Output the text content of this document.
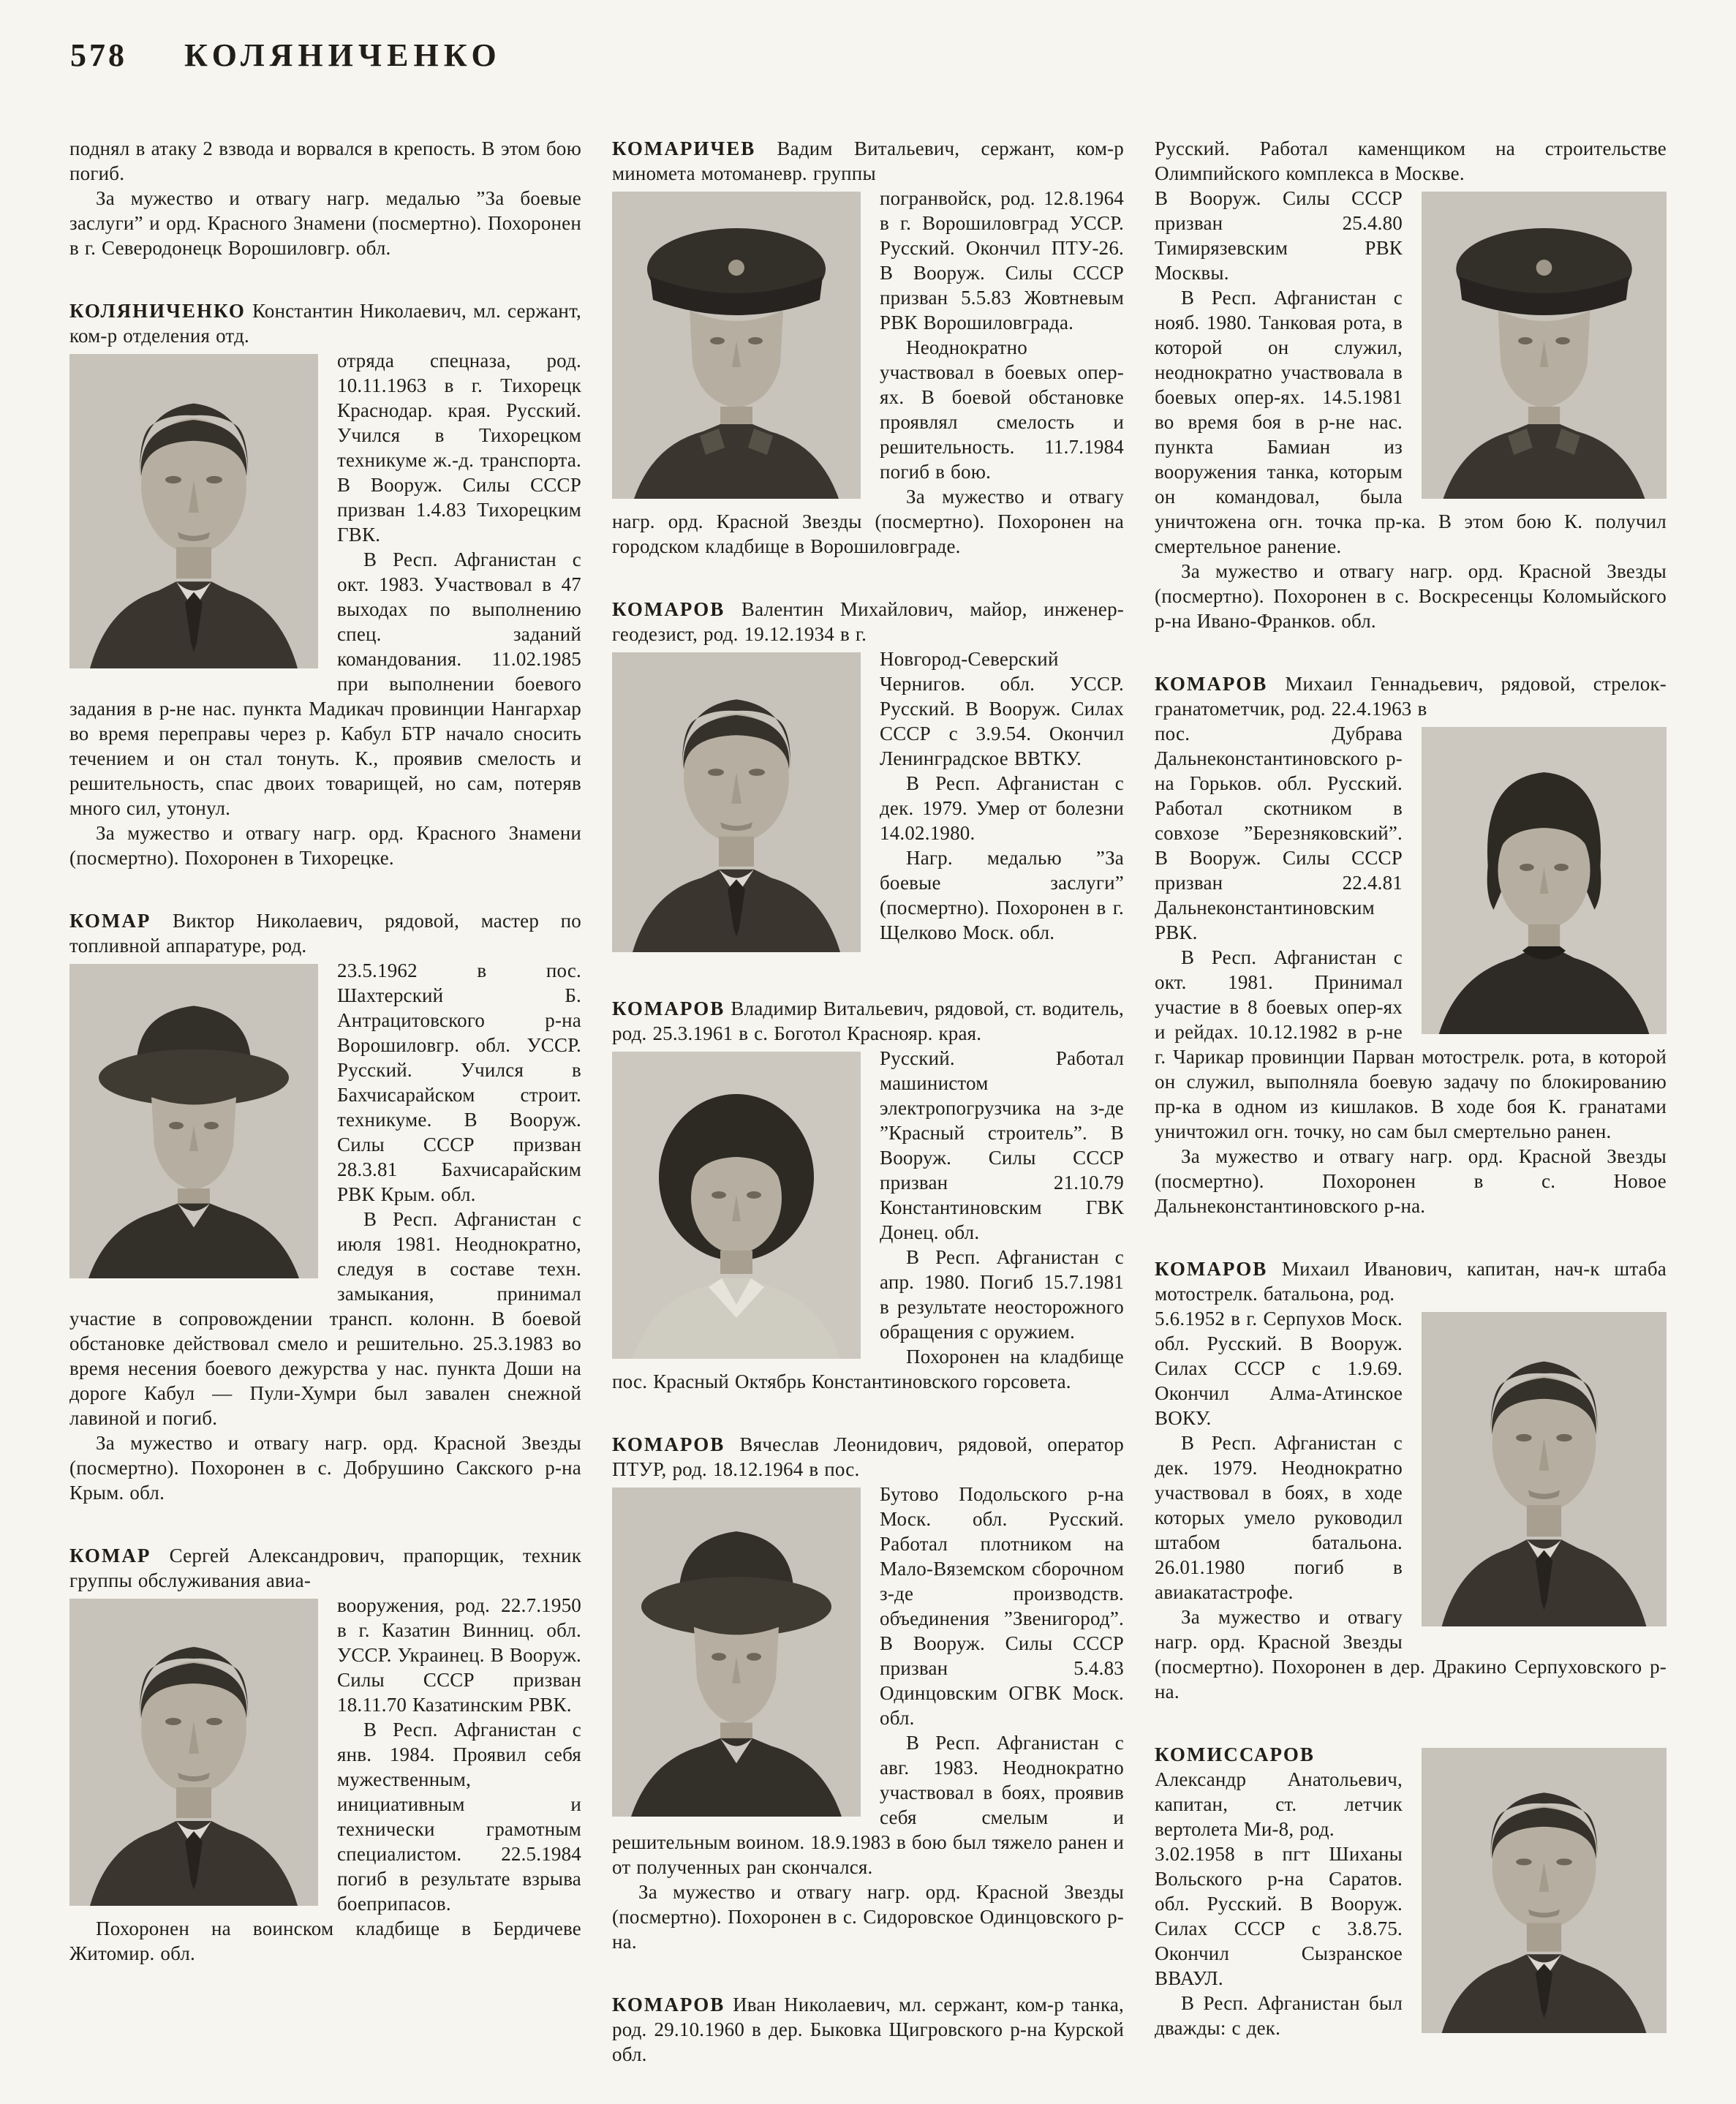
578 КОЛЯНИЧЕНКО

поднял в атаку 2 взвода и ворвался в крепость. В этом бою погиб.

За мужество и отвагу нагр. медалью ”За боевые заслуги” и орд. Красного Знамени (посмертно). Похоронен в г. Северодонецк Ворошиловгр. обл.

КОЛЯНИЧЕНКО Константин Николаевич, мл. сержант, ком-р отделения отд.

отряда спецназа, род. 10.11.1963 в г. Тихорецк Краснодар. края. Русский. Учился в Тихорецком техникуме ж.-д. транспорта. В Вооруж. Силы СССР призван 1.4.83 Тихорецким ГВК.

В Респ. Афганистан с окт. 1983. Участвовал в 47 выходах по выполнению спец. заданий командования. 11.02.1985 при выполнении боевого задания в р-не нас. пункта Мадикач провинции Нангархар во время переправы через р. Кабул БТР начало сносить течением и он стал тонуть. К., проявив смелость и решительность, спас двоих товарищей, но сам, потеряв много сил, утонул.

За мужество и отвагу нагр. орд. Красного Знамени (посмертно). Похоронен в Тихорецке.

КОМАР Виктор Николаевич, рядовой, мастер по топливной аппаратуре, род.

23.5.1962 в пос. Шахтерский Б. Антрацитовского р-на Ворошиловгр. обл. УССР. Русский. Учился в Бахчисарайском строит. техникуме. В Вооруж. Силы СССР призван 28.3.81 Бахчисарайским РВК Крым. обл.

В Респ. Афганистан с июля 1981. Неоднократно, следуя в составе техн. замыкания, принимал участие в сопровождении трансп. колонн. В боевой обстановке действовал смело и решительно. 25.3.1983 во время несения боевого дежурства у нас. пункта Доши на дороге Кабул — Пули-Хумри был завален снежной лавиной и погиб.

За мужество и отвагу нагр. орд. Красной Звезды (посмертно). Похоронен в с. Добрушино Сакского р-на Крым. обл.

КОМАР Сергей Александрович, прапорщик, техник группы обслуживания авиа-

вооружения, род. 22.7.1950 в г. Казатин Винниц. обл. УССР. Украинец. В Вооруж. Силы СССР призван 18.11.70 Казатинским РВК.

В Респ. Афганистан с янв. 1984. Проявил себя мужественным, инициативным и технически грамотным специалистом. 22.5.1984 погиб в результате взрыва боеприпасов.

Похоронен на воинском кладбище в Бердичеве Житомир. обл.

КОМАРИЧЕВ Вадим Витальевич, сержант, ком-р миномета мотоманевр. группы

погранвойск, род. 12.8.1964 в г. Ворошиловград УССР. Русский. Окончил ПТУ-26. В Вооруж. Силы СССР призван 5.5.83 Жовтневым РВК Ворошиловграда.

Неоднократно участвовал в боевых опер-ях. В боевой обстановке проявлял смелость и решительность. 11.7.1984 погиб в бою.

За мужество и отвагу нагр. орд. Красной Звезды (посмертно). Похоронен на городском кладбище в Ворошиловграде.

КОМАРОВ Валентин Михайлович, майор, инженер-геодезист, род. 19.12.1934 в г.

Новгород-Северский Чернигов. обл. УССР. Русский. В Вооруж. Силах СССР с 3.9.54. Окончил Ленинградское ВВТКУ.

В Респ. Афганистан с дек. 1979. Умер от болезни 14.02.1980.

Нагр. медалью ”За боевые заслуги” (посмертно). Похоронен в г. Щелково Моск. обл.

КОМАРОВ Владимир Витальевич, рядовой, ст. водитель, род. 25.3.1961 в с. Боготол Краснояр. края.

Русский. Работал машинистом электропогрузчика на з-де ”Красный строитель”. В Вооруж. Силы СССР призван 21.10.79 Константиновским ГВК Донец. обл.

В Респ. Афганистан с апр. 1980. Погиб 15.7.1981 в результате неосторожного обращения с оружием.

Похоронен на кладбище пос. Красный Октябрь Константиновского горсовета.

КОМАРОВ Вячеслав Леонидович, рядовой, оператор ПТУР, род. 18.12.1964 в пос.

Бутово Подольского р-на Моск. обл. Русский. Работал плотником на Мало-Вяземском сборочном з-де производств. объединения ”Звенигород”. В Вооруж. Силы СССР призван 5.4.83 Одинцовским ОГВК Моск. обл.

В Респ. Афганистан с авг. 1983. Неоднократно участвовал в боях, проявив себя смелым и решительным воином. 18.9.1983 в бою был тяжело ранен и от полученных ран скончался.

За мужество и отвагу нагр. орд. Красной Звезды (посмертно). Похоронен в с. Сидоровское Одинцовского р-на.

КОМАРОВ Иван Николаевич, мл. сержант, ком-р танка, род. 29.10.1960 в дер. Быковка Щигровского р-на Курской обл.

Русский. Работал каменщиком на строительстве Олимпийского комплекса в Москве.

В Вооруж. Силы СССР призван 25.4.80 Тимирязевским РВК Москвы.

В Респ. Афганистан с нояб. 1980. Танковая рота, в которой он служил, неоднократно участвовала в боевых опер-ях. 14.5.1981 во время боя в р-не нас. пункта Бамиан из вооружения танка, которым он командовал, была уничтожена огн. точка пр-ка. В этом бою К. получил смертельное ранение.

За мужество и отвагу нагр. орд. Красной Звезды (посмертно). Похоронен в с. Воскресенцы Коломыйского р-на Ивано-Франков. обл.

КОМАРОВ Михаил Геннадьевич, рядовой, стрелок-гранатометчик, род. 22.4.1963 в

пос. Дубрава Дальнеконстантиновского р-на Горьков. обл. Русский. Работал скотником в совхозе ”Березняковский”. В Вооруж. Силы СССР призван 22.4.81 Дальнеконстантиновским РВК.

В Респ. Афганистан с окт. 1981. Принимал участие в 8 боевых опер-ях и рейдах. 10.12.1982 в р-не г. Чарикар провинции Парван мотострелк. рота, в которой он служил, выполняла боевую задачу по блокированию пр-ка в одном из кишлаков. В ходе боя К. гранатами уничтожил огн. точку, но сам был смертельно ранен.

За мужество и отвагу нагр. орд. Красной Звезды (посмертно). Похоронен в с. Новое Дальнеконстантиновского р-на.

КОМАРОВ Михаил Иванович, капитан, нач-к штаба мотострелк. батальона, род.

5.6.1952 в г. Серпухов Моск. обл. Русский. В Вооруж. Силах СССР с 1.9.69. Окончил Алма-Атинское ВОКУ.

В Респ. Афганистан с дек. 1979. Неоднократно участвовал в боях, в ходе которых умело руководил штабом батальона. 26.01.1980 погиб в авиакатастрофе.

За мужество и отвагу нагр. орд. Красной Звезды (посмертно). Похоронен в дер. Дракино Серпуховского р-на.

КОМИССАРОВ Александр Анатольевич, капитан, ст. летчик вертолета Ми-8, род.

3.02.1958 в пгт Шиханы Вольского р-на Саратов. обл. Русский. В Вооруж. Силах СССР с 3.8.75. Окончил Сызранское ВВАУЛ.

В Респ. Афганистан был дважды: с дек.
